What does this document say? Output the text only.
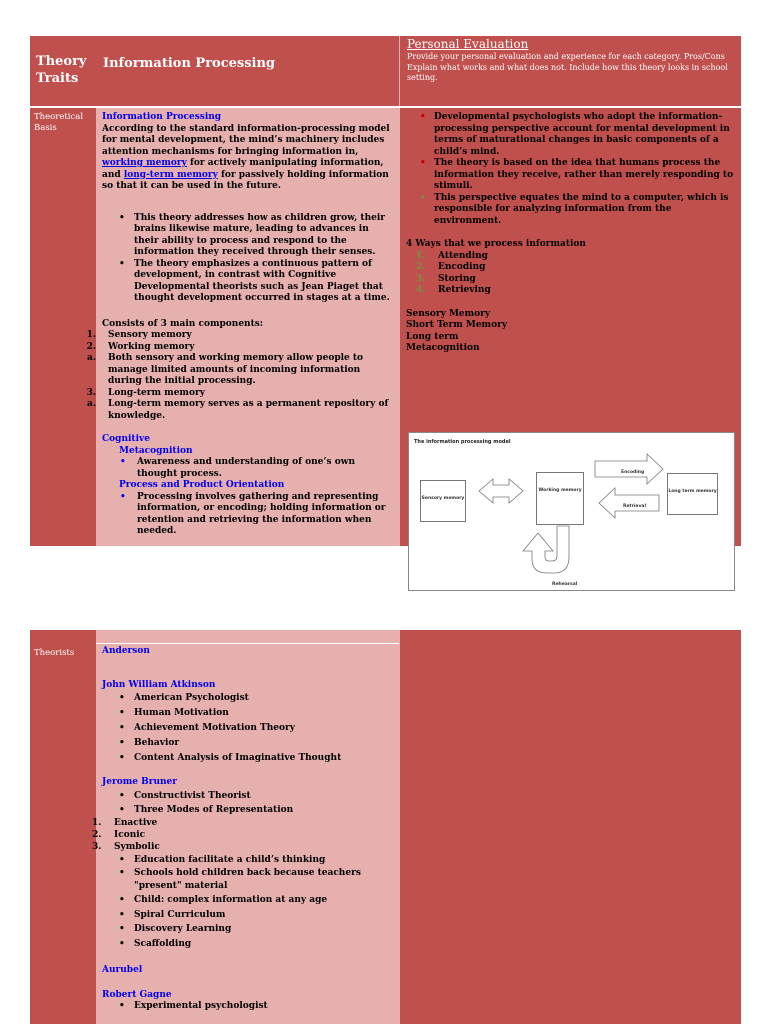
Theory Traits
Information Processing
Personal Evaluation
Provide your personal evaluation and experience for each category. Pros/Cons Explain what works and what does not. Include how this theory looks in school setting.
Theoretical Basis
Information Processing
According to the standard information-processing model for mental development, the mind’s machinery includes attention mechanisms for bringing information in, working memory for actively manipulating information, and long-term memory for passively holding information so that it can be used in the future.
• This theory addresses how as children grow, their brains likewise mature, leading to advances in their ability to process and respond to the information they received through their senses.
• The theory emphasizes a continuous pattern of development, in contrast with Cognitive Developmental theorists such as Jean Piaget that thought development occurred in stages at a time.
Consists of 3 main components:
1. Sensory memory
2. Working memory
a. Both sensory and working memory allow people to manage limited amounts of incoming information during the initial processing.
3. Long-term memory
a. Long-term memory serves as a permanent repository of knowledge.
Cognitive
Metacognition
• Awareness and understanding of one’s own thought process.
Process and Product Orientation
• Processing involves gathering and representing information, or encoding; holding information or retention and retrieving the information when needed.
• Developmental psychologists who adopt the information-processing perspective account for mental development in terms of maturational changes in basic components of a child’s mind.
• The theory is based on the idea that humans process the information they receive, rather than merely responding to stimuli.
• This perspective equates the mind to a computer, which is responsible for analyzing information from the environment.
4 Ways that we process information
1. Attending
2. Encoding
3. Storing
4. Retrieving
Sensory Memory
Short Term Memory
Long term
Metacognition
The information processing model
Sensory memory
Working memory	Long term memory
Encoding
Retrieval
Rehearsal
Theorists	Anderson
John William Atkinson
• American Psychologist
• Human Motivation
• Achievement Motivation Theory
• Behavior
• Content Analysis of Imaginative Thought
Jerome Bruner
• Constructivist Theorist
• Three Modes of Representation
1. Enactive
2. Iconic
3. Symbolic
• Education facilitate a child’s thinking
• Schools hold children back because teachers "present" material
• Child: complex information at any age
• Spiral Curriculum
• Discovery Learning
• Scaffolding
Aurubel
Robert Gagne
• Experimental psychologist
